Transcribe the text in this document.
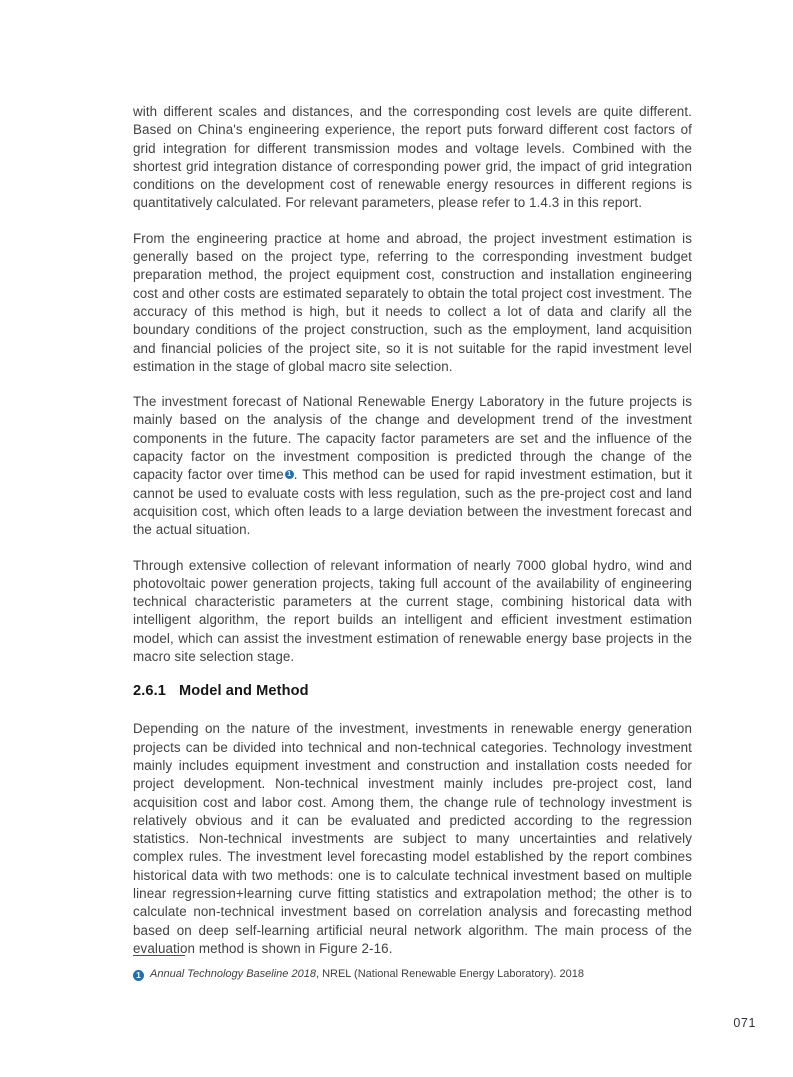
with different scales and distances, and the corresponding cost levels are quite different. Based on China's engineering experience, the report puts forward different cost factors of grid integration for different transmission modes and voltage levels. Combined with the shortest grid integration distance of corresponding power grid, the impact of grid integration conditions on the development cost of renewable energy resources in different regions is quantitatively calculated. For relevant parameters, please refer to 1.4.3 in this report.

From the engineering practice at home and abroad, the project investment estimation is generally based on the project type, referring to the corresponding investment budget preparation method, the project equipment cost, construction and installation engineering cost and other costs are estimated separately to obtain the total project cost investment. The accuracy of this method is high, but it needs to collect a lot of data and clarify all the boundary conditions of the project construction, such as the employment, land acquisition and financial policies of the project site, so it is not suitable for the rapid investment level estimation in the stage of global macro site selection.

The investment forecast of National Renewable Energy Laboratory in the future projects is mainly based on the analysis of the change and development trend of the investment components in the future. The capacity factor parameters are set and the influence of the capacity factor on the investment composition is predicted through the change of the capacity factor over time $^1$ . This method can be used for rapid investment estimation, but it cannot be used to evaluate costs with less regulation, such as the pre-project cost and land acquisition cost, which often leads to a large deviation between the investment forecast and the actual situation.

Through extensive collection of relevant information of nearly 7000 global hydro, wind and photovoltaic power generation projects, taking full account of the availability of engineering technical characteristic parameters at the current stage, combining historical data with intelligent algorithm, the report builds an intelligent and efficient investment estimation model, which can assist the investment estimation of renewable energy base projects in the macro site selection stage.

2.6.1 Model and Method

Depending on the nature of the investment, investments in renewable energy generation projects can be divided into technical and non-technical categories. Technology investment mainly includes equipment investment and construction and installation costs needed for project development. Non-technical investment mainly includes pre-project cost, land acquisition cost and labor cost. Among them, the change rule of technology investment is relatively obvious and it can be evaluated and predicted according to the regression statistics. Non-technical investments are subject to many uncertainties and relatively complex rules. The investment level forecasting model established by the report combines historical data with two methods: one is to calculate technical investment based on multiple linear regression+learning curve fitting statistics and extrapolation method; the other is to calculate non-technical investment based on correlation analysis and forecasting method based on deep self-learning artificial neural network algorithm. The main process of the evaluation method is shown in Figure 2-16.

1 Annual Technology Baseline 2018, NREL (National Renewable Energy Laboratory). 2018

071
